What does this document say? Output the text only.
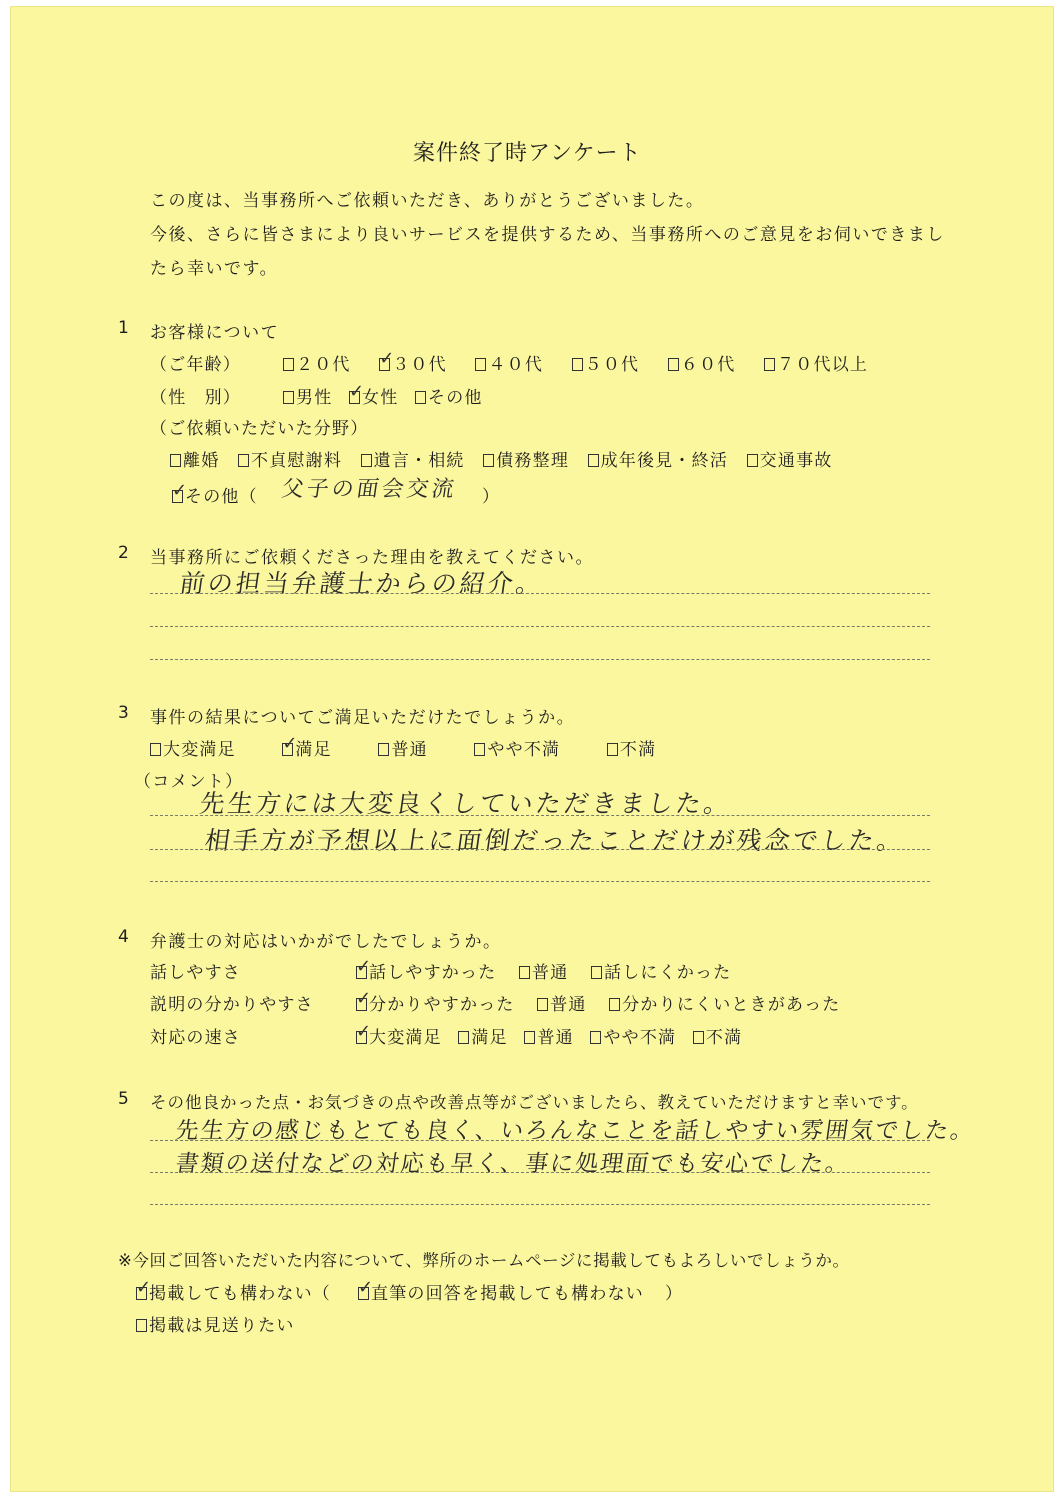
案件終了時アンケート
この度は、当事務所へご依頼いただき、ありがとうございました。
今後、さらに皆さまにより良いサービスを提供するため、当事務所へのご意見をお伺いできまし
たら幸いです。
1 お客様について
（ご年齢）	２０代 ✓ ３０代 ４０代 ５０代 ６０代 ７０代以上
（性　別）	男性 ✓ 女性 その他
（ご依頼いただいた分野）
離婚 不貞慰謝料 遺言・相続 債務整理 成年後見・終活 交通事故
✓その他（ 父子の面会交流 ）
2 当事務所にご依頼くださった理由を教えてください。
前の担当弁護士からの紹介。
3 事件の結果についてご満足いただけたでしょうか。
大変満足 ✓	満足	普通	やや不満	不満
（コメント）
先生方には大変良くしていただきました。
相手方が予想以上に面倒だったことだけが残念でした。
4 弁護士の対応はいかがでしたでしょうか。
話しやすさ ✓	話しやすかった 普通 話しにくかった
説明の分かりやすさ ✓	分かりやすかった 普通 分かりにくいときがあった
対応の速さ ✓	大変満足 満足 普通 やや不満 不満
5 その他良かった点・お気づきの点や改善点等がございましたら、教えていただけますと幸いです。
先生方の感じもとても良く、いろんなことを話しやすい雰囲気でした。
書類の送付などの対応も早く、事に処理面でも安心でした。
※今回ご回答いただいた内容について、弊所のホームページに掲載してもよろしいでしょうか。
✓掲載しても構わない（ ✓	直筆の回答を掲載しても構わない ）
掲載は見送りたい
